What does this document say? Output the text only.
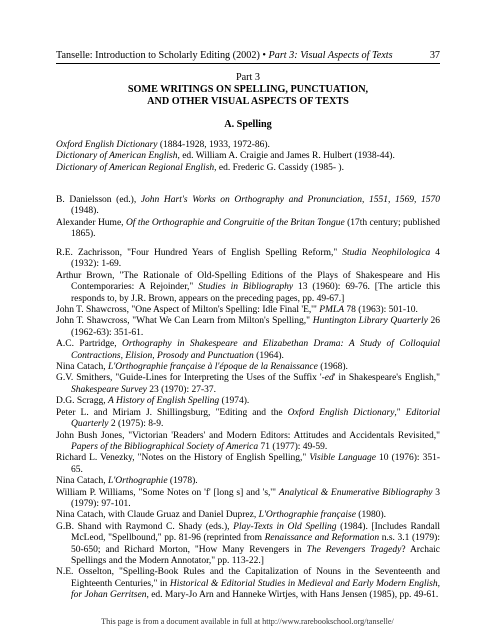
Tanselle: Introduction to Scholarly Editing (2002) • Part 3: Visual Aspects of Texts	37
Part 3
SOME WRITINGS ON SPELLING, PUNCTUATION,
AND OTHER VISUAL ASPECTS OF TEXTS
A. Spelling
Oxford English Dictionary (1884-1928, 1933, 1972-86).
Dictionary of American English, ed. William A. Craigie and James R. Hulbert (1938-44).
Dictionary of American Regional English, ed. Frederic G. Cassidy (1985- ).
B. Danielsson (ed.), John Hart's Works on Orthography and Pronunciation, 1551, 1569, 1570 (1948).
Alexander Hume, Of the Orthographie and Congruitie of the Britan Tongue (17th century; published 1865).
R.E. Zachrisson, "Four Hundred Years of English Spelling Reform," Studia Neophilologica 4 (1932): 1-69.
Arthur Brown, "The Rationale of Old-Spelling Editions of the Plays of Shakespeare and His Contemporaries: A Rejoinder," Studies in Bibliography 13 (1960): 69-76. [The article this responds to, by J.R. Brown, appears on the preceding pages, pp. 49-67.]
John T. Shawcross, "One Aspect of Milton's Spelling: Idle Final 'E,'" PMLA 78 (1963): 501-10.
John T. Shawcross, "What We Can Learn from Milton's Spelling," Huntington Library Quarterly 26 (1962-63): 351-61.
A.C. Partridge, Orthography in Shakespeare and Elizabethan Drama: A Study of Colloquial Contractions, Elision, Prosody and Punctuation (1964).
Nina Catach, L'Orthographie française à l'époque de la Renaissance (1968).
G.V. Smithers, "Guide-Lines for Interpreting the Uses of the Suffix '-ed' in Shakespeare's English," Shakespeare Survey 23 (1970): 27-37.
D.G. Scragg, A History of English Spelling (1974).
Peter L. and Miriam J. Shillingsburg, "Editing and the Oxford English Dictionary," Editorial Quarterly 2 (1975): 8-9.
John Bush Jones, "Victorian 'Readers' and Modern Editors: Attitudes and Accidentals Revisited," Papers of the Bibliographical Society of America 71 (1977): 49-59.
Richard L. Venezky, "Notes on the History of English Spelling," Visible Language 10 (1976): 351-65.
Nina Catach, L'Orthographie (1978).
William P. Williams, "Some Notes on 'f' [long s] and 's,'" Analytical & Enumerative Bibliography 3 (1979): 97-101.
Nina Catach, with Claude Gruaz and Daniel Duprez, L'Orthographie française (1980).
G.B. Shand with Raymond C. Shady (eds.), Play-Texts in Old Spelling (1984). [Includes Randall McLeod, "Spellbound," pp. 81-96 (reprinted from Renaissance and Reformation n.s. 3.1 (1979): 50-650; and Richard Morton, "How Many Revengers in The Revengers Tragedy? Archaic Spellings and the Modern Annotator," pp. 113-22.]
N.E. Osselton, "Spelling-Book Rules and the Capitalization of Nouns in the Seventeenth and Eighteenth Centuries," in Historical & Editorial Studies in Medieval and Early Modern English, for Johan Gerritsen, ed. Mary-Jo Arn and Hanneke Wirtjes, with Hans Jensen (1985), pp. 49-61.
This page is from a document available in full at http://www.rarebookschool.org/tanselle/
